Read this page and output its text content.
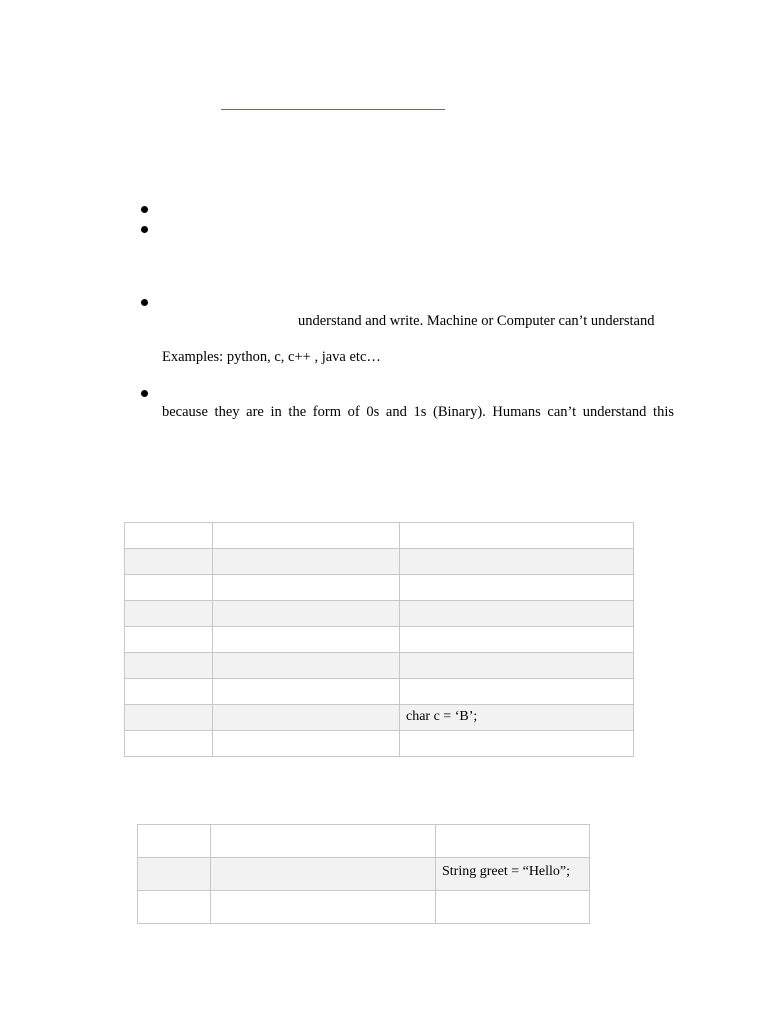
understand and write. Machine or Computer can’t understand
Examples: python, c, c++ , java etc…
because they are in the form of 0s and 1s (Binary). Humans can’t understand this

		char c = ‘B’;

		String greet = “Hello”;
